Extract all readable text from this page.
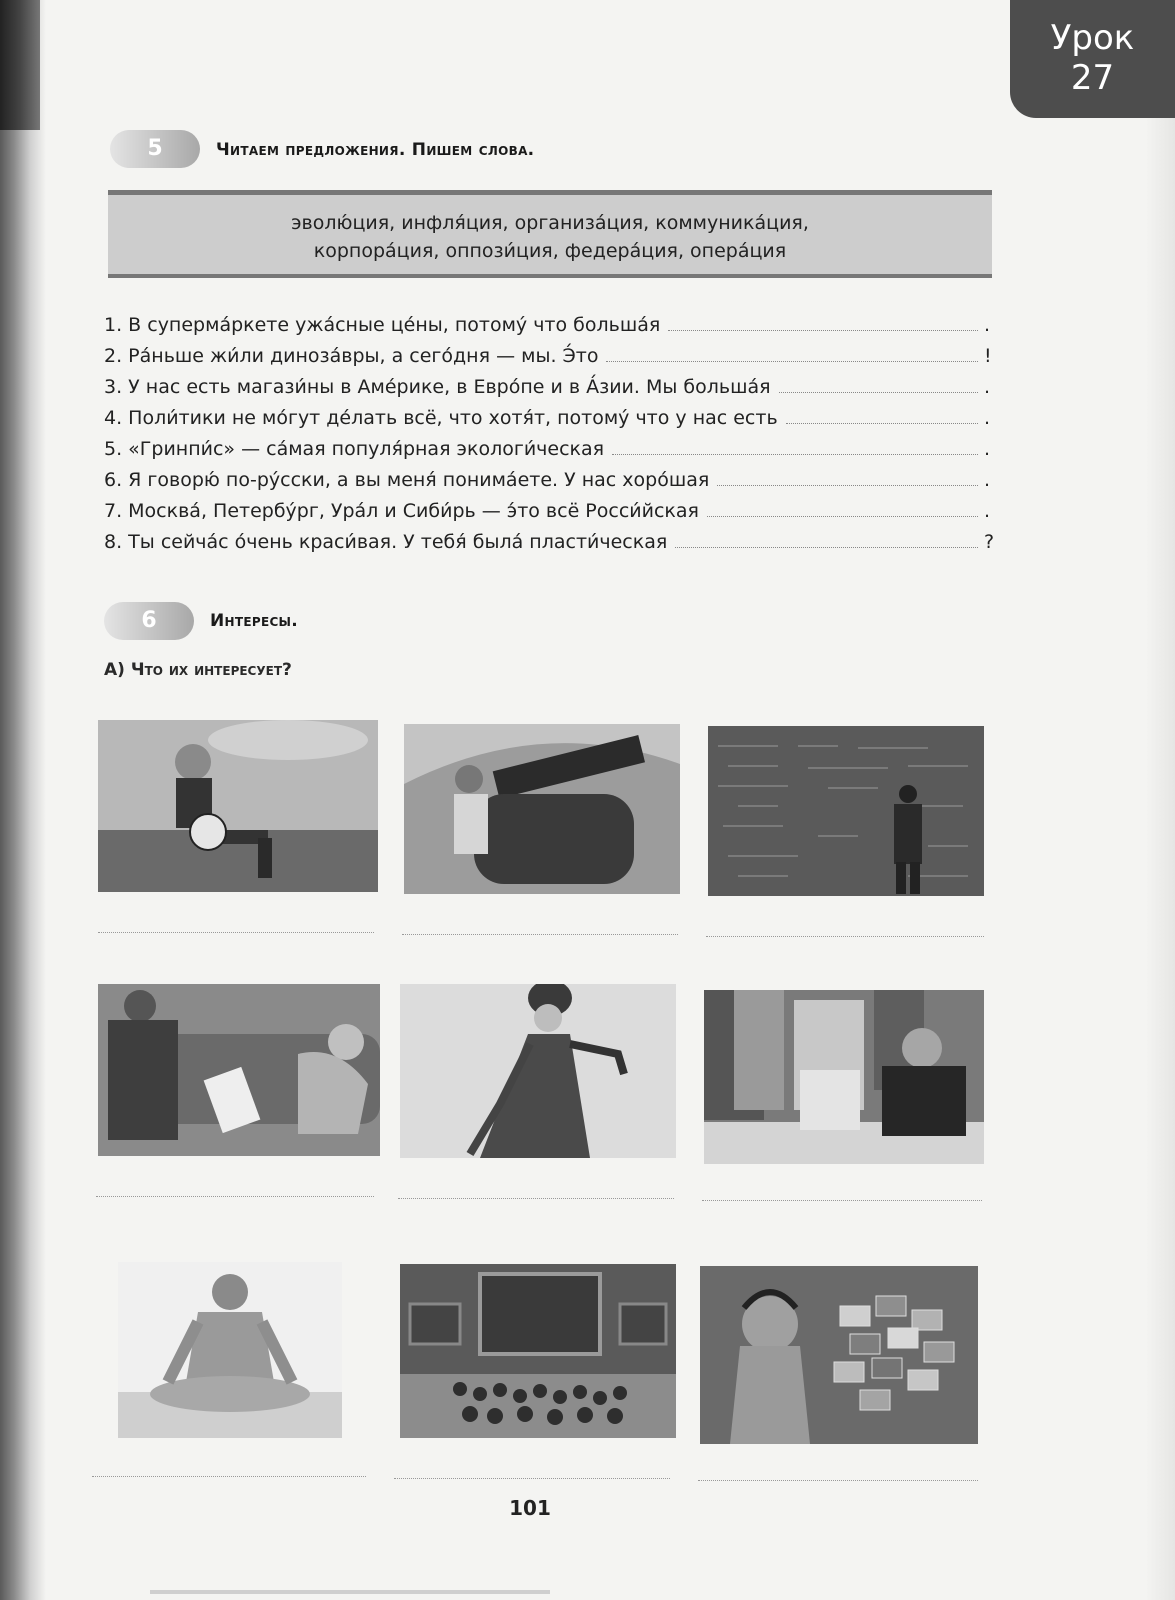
Урок
27
5	Читаем предложения. Пишем слова.
эволю́ция, инфля́ция, организа́ция, коммуника́ция,
корпора́ция, оппози́ция, федера́ция, опера́ция
1. В суперма́ркете ужа́сные це́ны, потому́ что больша́я	.
2. Ра́ньше жи́ли диноза́вры, а сего́дня — мы. Э́то	!
3. У нас есть магази́ны в Аме́рике, в Евро́пе и в А́зии. Мы больша́я	.
4. Поли́тики не мо́гут де́лать всё, что хотя́т, потому́ что у нас есть	.
5. «Гринпи́с» — са́мая популя́рная экологи́ческая	.
6. Я говорю́ по-ру́сски, а вы меня́ понима́ете. У нас хоро́шая	.
7. Москва́, Петербу́рг, Ура́л и Сиби́рь — э́то всё Росси́йская	.
8. Ты сейча́с о́чень краси́вая. У тебя́ была́ пласти́ческая	?
6	Интересы.
А) Что их интересует?
101
